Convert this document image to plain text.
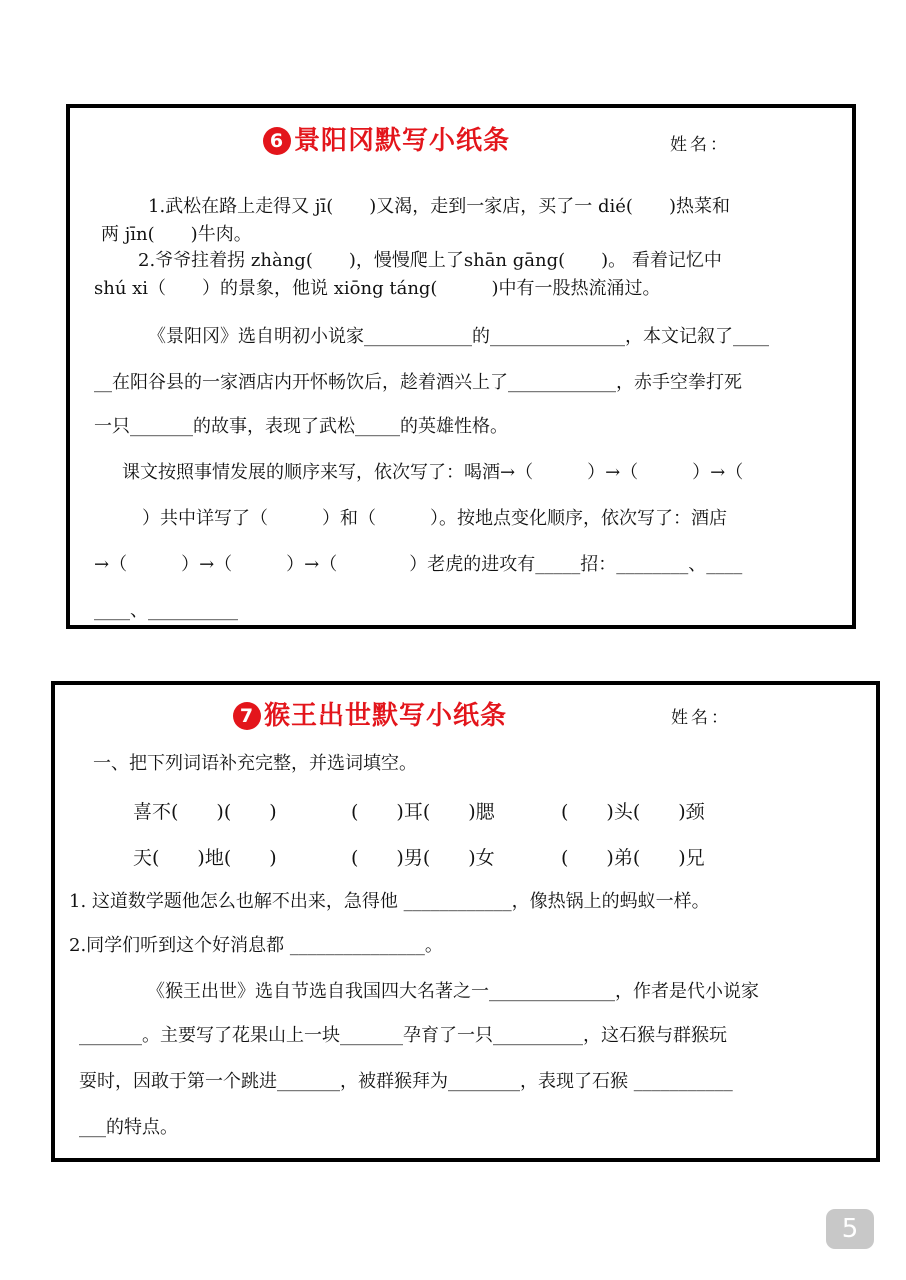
6 景阳冈默写小纸条	姓名：
1.武松在路上走得又 jī(　　)又渴，走到一家店，买了一 dié(　　)热菜和
两 jīn(　　)牛肉。
2.爷爷拄着拐 zhàng(　　)，慢慢爬上了shān gāng(　　)。 看着记忆中
shú xi（　　）的景象，他说 xiōng táng(　　　)中有一股热流涌过。
《景阳冈》选自明初小说家____________的_______________，本文记叙了____
__在阳谷县的一家酒店内开怀畅饮后，趁着酒兴上了____________，赤手空拳打死
一只_______的故事，表现了武松_____的英雄性格。
课文按照事情发展的顺序来写，依次写了：喝酒→（　　　）→（　　　）→（
）共中详写了（　　　）和（　　　）。按地点变化顺序，依次写了：酒店
→（　　　）→（　　　）→（　　　　）老虎的进攻有_____招：________、____
____、__________
7 猴王出世默写小纸条	姓名：
一、把下列词语补充完整，并选词填空。
喜不(　　)(　　)	(　　)耳(　　)腮	(　　)头(　　)颈
天(　　)地(　　)	(　　)男(　　)女	(　　)弟(　　)兄
1. 这道数学题他怎么也解不出来，急得他 ____________，像热锅上的蚂蚁一样。
2.同学们听到这个好消息都 _______________。
《猴王出世》选自节选自我国四大名著之一______________，作者是代小说家
_______。主要写了花果山上一块_______孕育了一只__________，这石猴与群猴玩
耍时，因敢于第一个跳进_______，被群猴拜为________，表现了石猴 ___________
___的特点。
5
